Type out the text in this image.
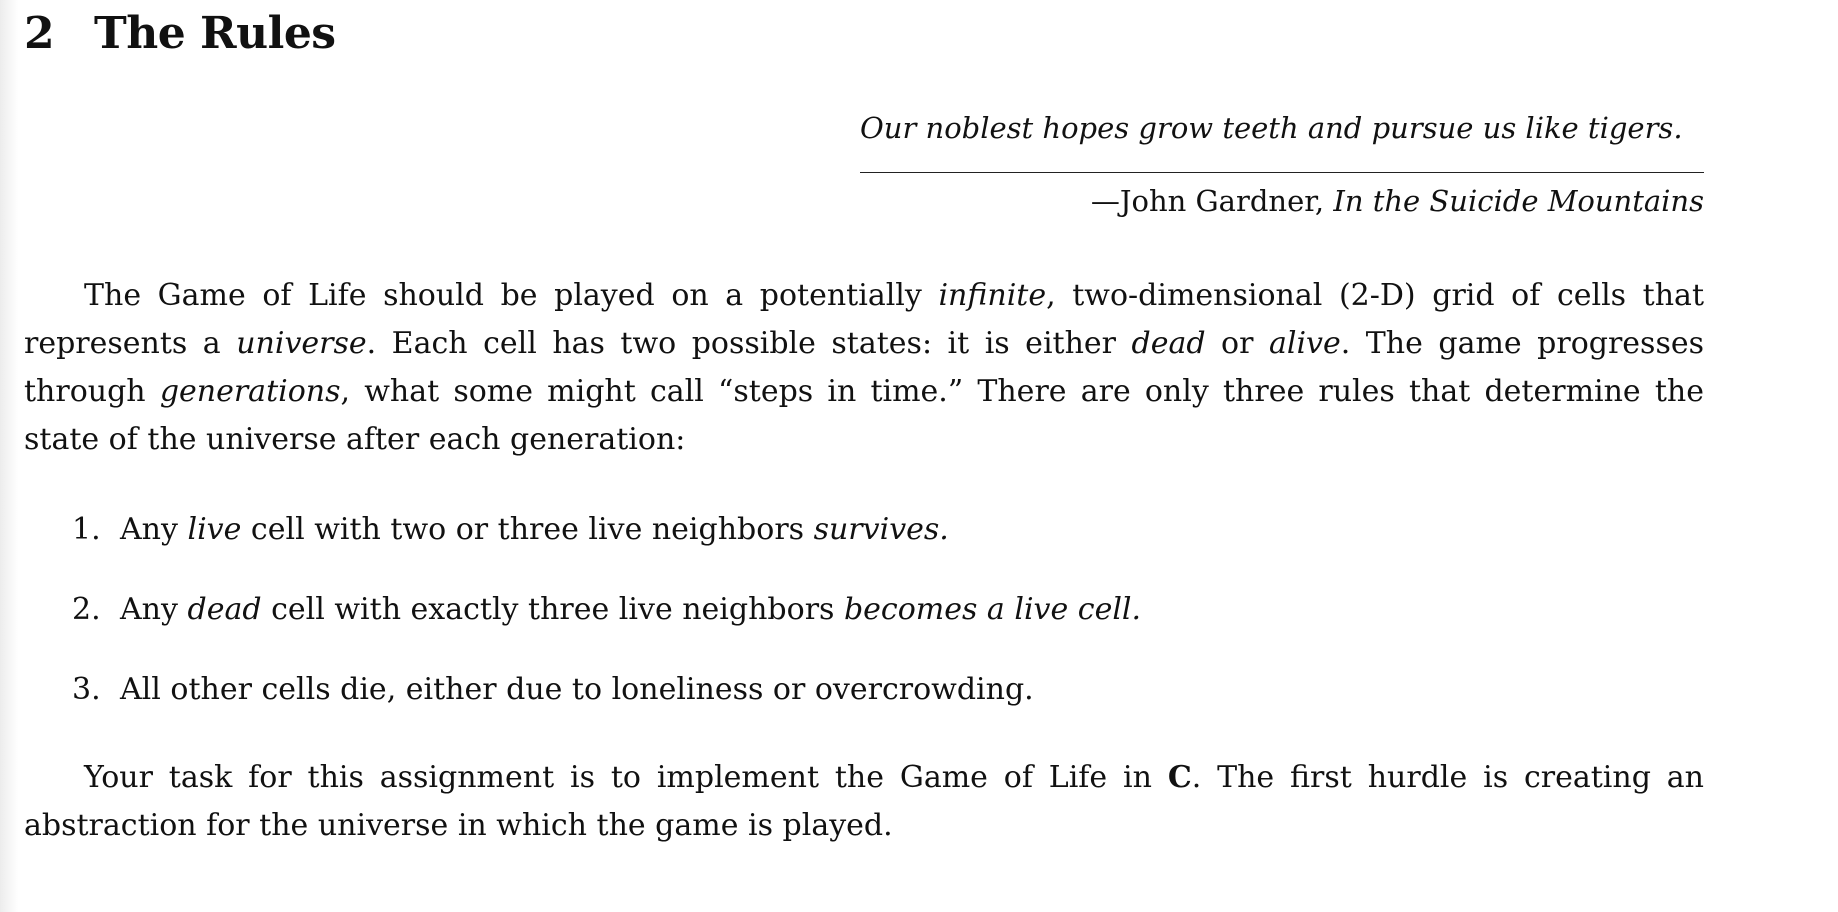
2 The Rules
Our noblest hopes grow teeth and pursue us like tigers.
—John Gardner, In the Suicide Mountains

The Game of Life should be played on a potentially infinite, two-dimensional (2-D) grid of cells that represents a universe. Each cell has two possible states: it is either dead or alive. The game progresses through generations, what some might call “steps in time.” There are only three rules that determine the state of the universe after each generation:

1. Any live cell with two or three live neighbors survives.
2. Any dead cell with exactly three live neighbors becomes a live cell.
3. All other cells die, either due to loneliness or overcrowding.

Your task for this assignment is to implement the Game of Life in C. The first hurdle is creating an abstraction for the universe in which the game is played.
